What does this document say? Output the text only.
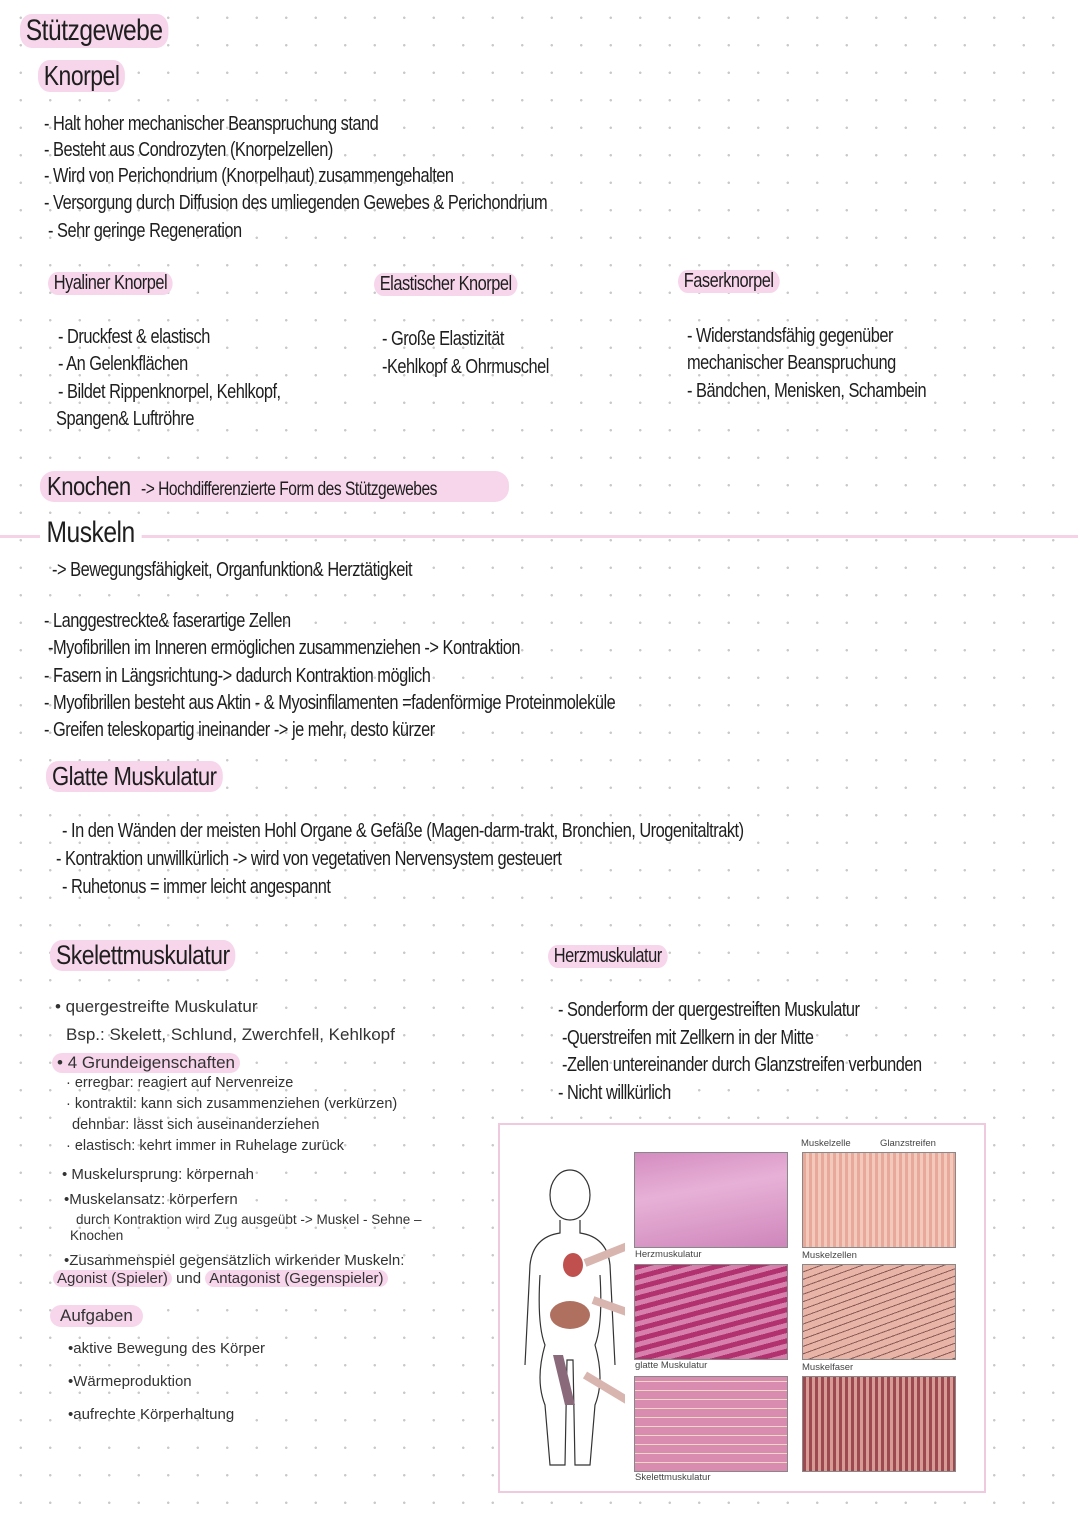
Stützgewebe
Knorpel
- Halt hoher mechanischer Beanspruchung stand
- Besteht aus Condrozyten (Knorpelzellen)
- Wird von Perichondrium (Knorpelhaut) zusammengehalten
- Versorgung durch Diffusion des umliegenden Gewebes & Perichondrium
- Sehr geringe Regeneration
Hyaliner Knorpel
- Druckfest & elastisch
- An Gelenkflächen
- Bildet Rippenknorpel, Kehlkopf,
Spangen& Luftröhre
Elastischer Knorpel
- Große Elastizität
-Kehlkopf & Ohrmuschel
Faserknorpel
- Widerstandsfähig gegenüber
mechanischer Beanspruchung
- Bändchen, Menisken, Schambein
Knochen -> Hochdifferenzierte Form des Stützgewebes
Muskeln
-> Bewegungsfähigkeit, Organfunktion& Herztätigkeit
- Langgestreckte& faserartige Zellen
-Myofibrillen im Inneren ermöglichen zusammenziehen -> Kontraktion
- Fasern in Längsrichtung-> dadurch Kontraktion möglich
- Myofibrillen besteht aus Aktin - & Myosinfilamenten =fadenförmige Proteinmoleküle
- Greifen teleskopartig ineinander -> je mehr, desto kürzer
Glatte Muskulatur
- In den Wänden der meisten Hohl Organe & Gefäße (Magen-darm-trakt, Bronchien, Urogenitaltrakt)
- Kontraktion unwillkürlich -> wird von vegetativen Nervensystem gesteuert
- Ruhetonus = immer leicht angespannt
Skelettmuskulatur	Herzmuskulatur
• quergestreifte Muskulatur
Bsp.: Skelett, Schlund, Zwerchfell, Kehlkopf
• 4 Grundeigenschaften
· erregbar: reagiert auf Nervenreize
· kontraktil: kann sich zusammenziehen (verkürzen)
dehnbar: lässt sich auseinanderziehen
· elastisch: kehrt immer in Ruhelage zurück
• Muskelursprung: körpernah
•Muskelansatz: körperfern
durch Kontraktion wird Zug ausgeübt -> Muskel - Sehne –
Knochen
•Zusammenspiel gegensätzlich wirkender Muskeln:
Agonist (Spieler) und Antagonist (Gegenspieler)
Aufgaben
•aktive Bewegung des Körper
•Wärmeproduktion
•aufrechte Körperhaltung
- Sonderform der quergestreiften Muskulatur
-Querstreifen mit Zellkern in der Mitte
-Zellen untereinander durch Glanzstreifen verbunden
- Nicht willkürlich
Herzmuskulatur
glatte Muskulatur
Skelettmuskulatur
Muskelzelle	Glanzstreifen
Muskelzellen
Muskelfaser
